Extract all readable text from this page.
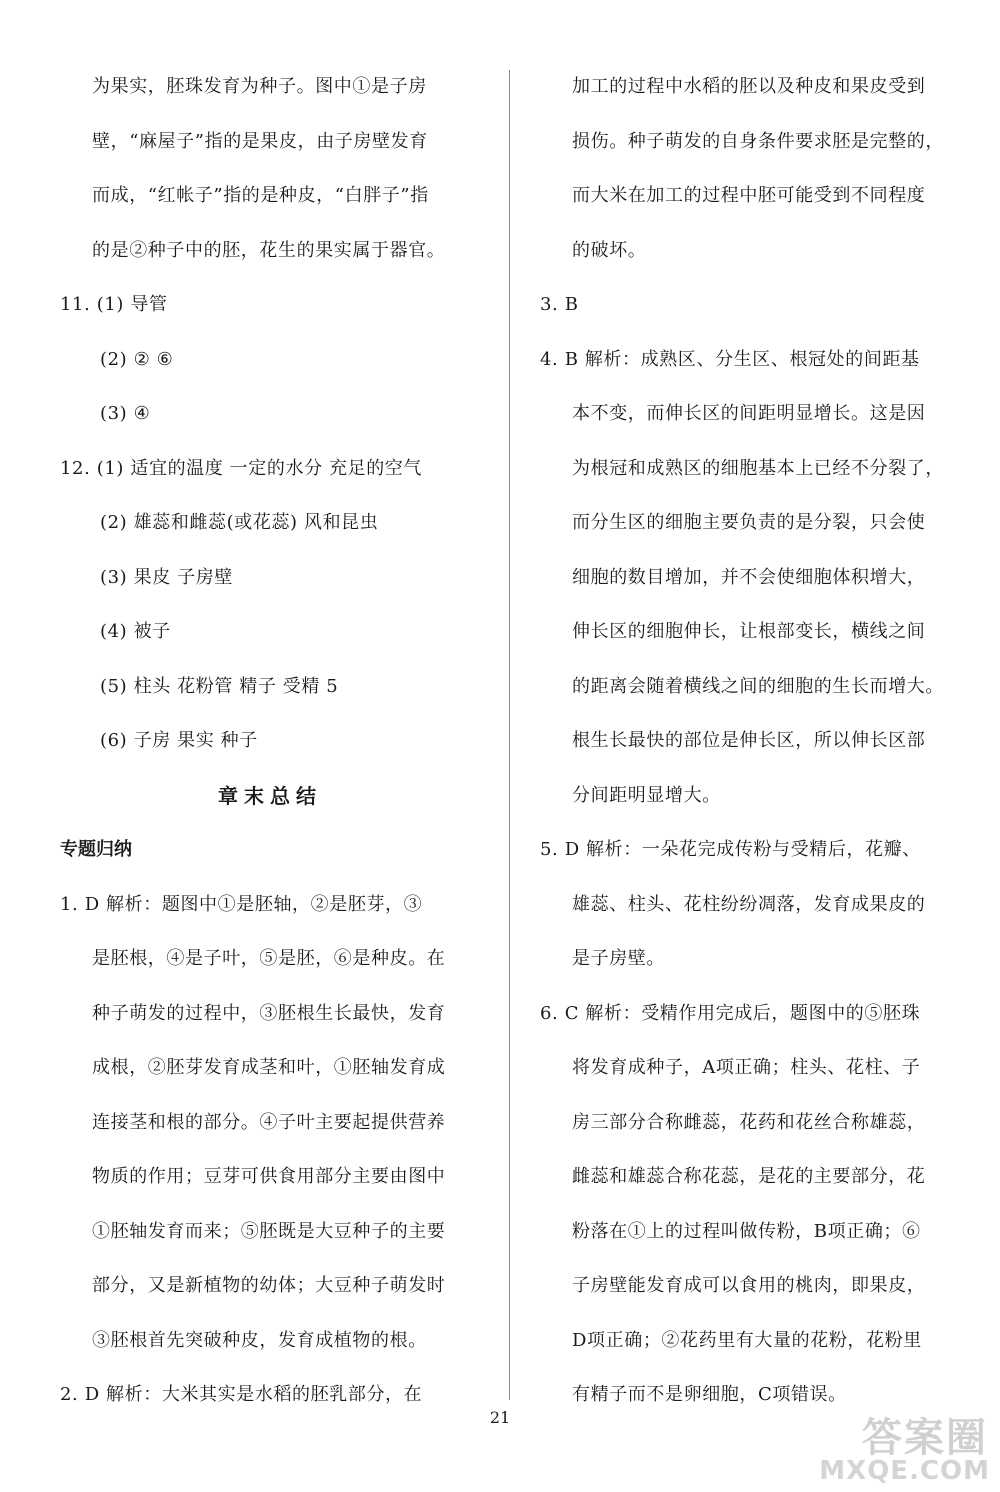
为果实，胚珠发育为种子。图中①是子房
壁，“麻屋子”指的是果皮，由子房壁发育
而成，“红帐子”指的是种皮，“白胖子”指
的是②种子中的胚，花生的果实属于器官。
11. (1) 导管
(2) ② ⑥
(3) ④
12. (1) 适宜的温度 一定的水分 充足的空气
(2) 雄蕊和雌蕊(或花蕊) 风和昆虫
(3) 果皮 子房壁
(4) 被子
(5) 柱头 花粉管 精子 受精 5
(6) 子房 果实 种子
章末总结
专题归纳
1. D 解析：题图中①是胚轴，②是胚芽，③
是胚根，④是子叶，⑤是胚，⑥是种皮。在
种子萌发的过程中，③胚根生长最快，发育
成根，②胚芽发育成茎和叶，①胚轴发育成
连接茎和根的部分。④子叶主要起提供营养
物质的作用；豆芽可供食用部分主要由图中
①胚轴发育而来；⑤胚既是大豆种子的主要
部分，又是新植物的幼体；大豆种子萌发时
③胚根首先突破种皮，发育成植物的根。
2. D 解析：大米其实是水稻的胚乳部分，在
加工的过程中水稻的胚以及种皮和果皮受到
损伤。种子萌发的自身条件要求胚是完整的，
而大米在加工的过程中胚可能受到不同程度
的破坏。
3. B
4. B 解析：成熟区、分生区、根冠处的间距基
本不变，而伸长区的间距明显增长。这是因
为根冠和成熟区的细胞基本上已经不分裂了，
而分生区的细胞主要负责的是分裂，只会使
细胞的数目增加，并不会使细胞体积增大，
伸长区的细胞伸长，让根部变长，横线之间
的距离会随着横线之间的细胞的生长而增大。
根生长最快的部位是伸长区，所以伸长区部
分间距明显增大。
5. D 解析：一朵花完成传粉与受精后，花瓣、
雄蕊、柱头、花柱纷纷凋落，发育成果皮的
是子房壁。
6. C 解析：受精作用完成后，题图中的⑤胚珠
将发育成种子，A项正确；柱头、花柱、子
房三部分合称雌蕊，花药和花丝合称雄蕊，
雌蕊和雄蕊合称花蕊，是花的主要部分，花
粉落在①上的过程叫做传粉，B项正确；⑥
子房壁能发育成可以食用的桃肉，即果皮，
D项正确；②花药里有大量的花粉，花粉里
有精子而不是卵细胞，C项错误。
21	答案圈
MXQE.COM
